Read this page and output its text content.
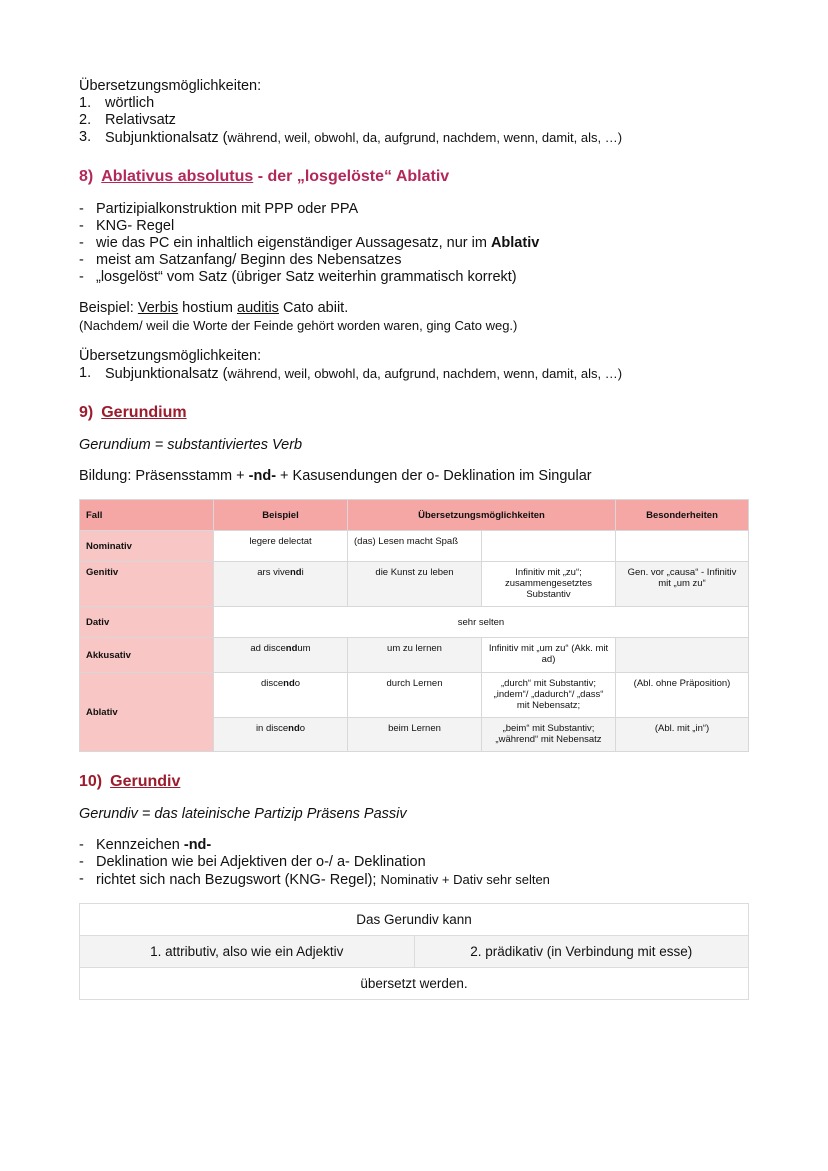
Übersetzungsmöglichkeiten:
1. wörtlich
2. Relativsatz
3. Subjunktionalsatz (während, weil, obwohl, da, aufgrund, nachdem, wenn, damit, als, …)
8) Ablativus absolutus - der „losgelöste“ Ablativ
- Partizipialkonstruktion mit PPP oder PPA
- KNG- Regel
- wie das PC ein inhaltlich eigenständiger Aussagesatz, nur im Ablativ
- meist am Satzanfang/ Beginn des Nebensatzes
- „losgelöst“ vom Satz (übriger Satz weiterhin grammatisch korrekt)
Beispiel: Verbis hostium auditis Cato abiit.
(Nachdem/ weil die Worte der Feinde gehört worden waren, ging Cato weg.)
Übersetzungsmöglichkeiten:
1. Subjunktionalsatz (während, weil, obwohl, da, aufgrund, nachdem, wenn, damit, als, …)
9) Gerundium
Gerundium = substantiviertes Verb
Bildung: Präsensstamm + -nd- + Kasusendungen der o- Deklination im Singular
Fall	Beispiel	Übersetzungsmöglichkeiten		Besonderheiten
Nominativ	legere delectat	(das) Lesen macht Spaß		
Genitiv	ars vivendi	die Kunst zu leben	Infinitiv mit „zu“; zusammengesetztes Substantiv	Gen. vor „causa“ - Infinitiv mit „um zu“
Dativ	sehr selten			
Akkusativ	ad discendum	um zu lernen	Infinitiv mit „um zu“ (Akk. mit ad)	
Ablativ	discendo	durch Lernen	„durch“ mit Substantiv; „indem“/ „dadurch“/ „dass“ mit Nebensatz;	(Abl. ohne Präposition)
	in discendo	beim Lernen	„beim“ mit Substantiv; „während“ mit Nebensatz	(Abl. mit „in“)
10) Gerundiv
Gerundiv = das lateinische Partizip Präsens Passiv
- Kennzeichen -nd-
- Deklination wie bei Adjektiven der o-/ a- Deklination
- richtet sich nach Bezugswort (KNG- Regel); Nominativ + Dativ sehr selten
Das Gerundiv kann
1. attributiv, also wie ein Adjektiv	2. prädikativ (in Verbindung mit esse)
übersetzt werden.
